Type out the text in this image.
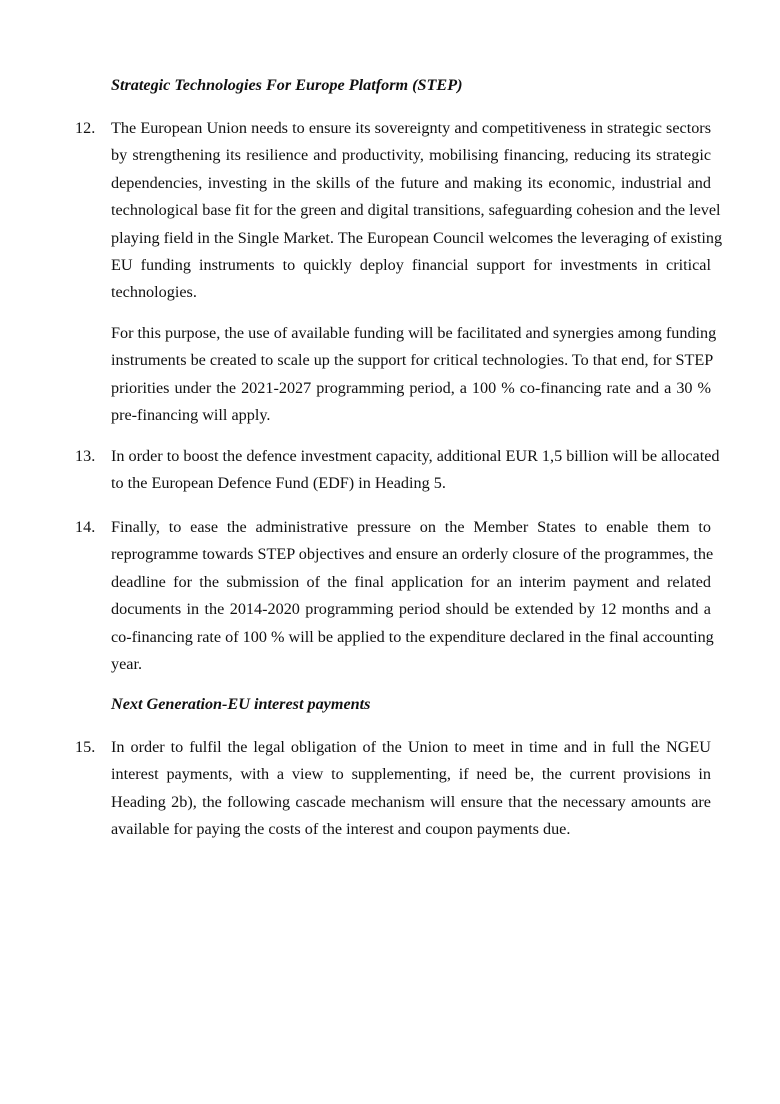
Strategic Technologies For Europe Platform (STEP)
12. The European Union needs to ensure its sovereignty and competitiveness in strategic sectors
by strengthening its resilience and productivity, mobilising financing, reducing its strategic
dependencies, investing in the skills of the future and making its economic, industrial and
technological base fit for the green and digital transitions, safeguarding cohesion and the level
playing field in the Single Market. The European Council welcomes the leveraging of existing
EU funding instruments to quickly deploy financial support for investments in critical
technologies.
For this purpose, the use of available funding will be facilitated and synergies among funding
instruments be created to scale up the support for critical technologies. To that end, for STEP
priorities under the 2021-2027 programming period, a 100 % co-financing rate and a 30 %
pre-financing will apply.
13. In order to boost the defence investment capacity, additional EUR 1,5 billion will be allocated
to the European Defence Fund (EDF) in Heading 5.
14. Finally, to ease the administrative pressure on the Member States to enable them to
reprogramme towards STEP objectives and ensure an orderly closure of the programmes, the
deadline for the submission of the final application for an interim payment and related
documents in the 2014-2020 programming period should be extended by 12 months and a
co-financing rate of 100 % will be applied to the expenditure declared in the final accounting
year.
Next Generation-EU interest payments
15. In order to fulfil the legal obligation of the Union to meet in time and in full the NGEU
interest payments, with a view to supplementing, if need be, the current provisions in
Heading 2b), the following cascade mechanism will ensure that the necessary amounts are
available for paying the costs of the interest and coupon payments due.
